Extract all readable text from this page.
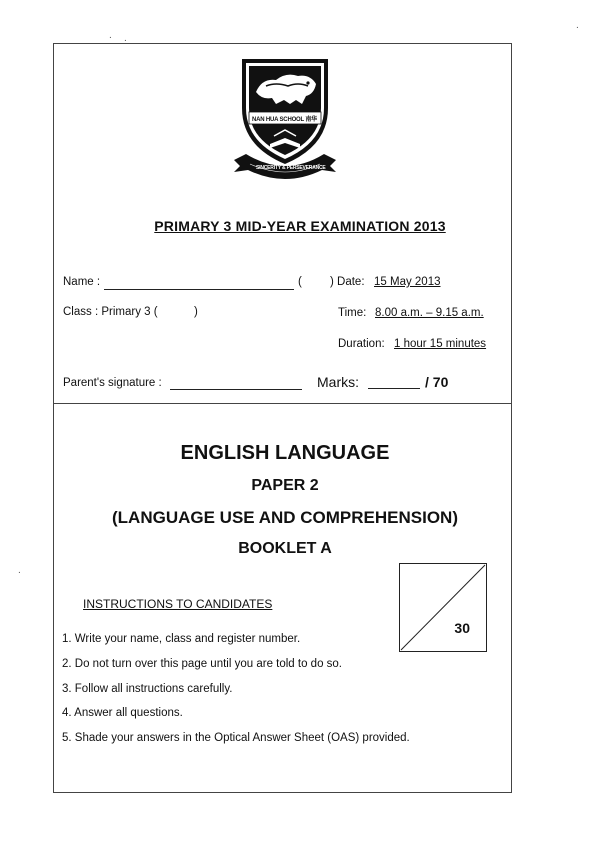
. .
.
.
NAN HUA SCHOOL 南华
SINCERITY & PERSEVERANCE
PRIMARY 3 MID-YEAR EXAMINATION 2013
Name :	( ) Date: 15 May 2013
Class : Primary 3 (	)	Time: 8.00 a.m. – 9.15 a.m.
Duration: 1 hour 15 minutes
Parent's signature :	Marks:	/ 70
ENGLISH LANGUAGE
PAPER 2
(LANGUAGE USE AND COMPREHENSION)
BOOKLET A
30
INSTRUCTIONS TO CANDIDATES
1. Write your name, class and register number.
2. Do not turn over this page until you are told to do so.
3. Follow all instructions carefully.
4. Answer all questions.
5. Shade your answers in the Optical Answer Sheet (OAS) provided.
